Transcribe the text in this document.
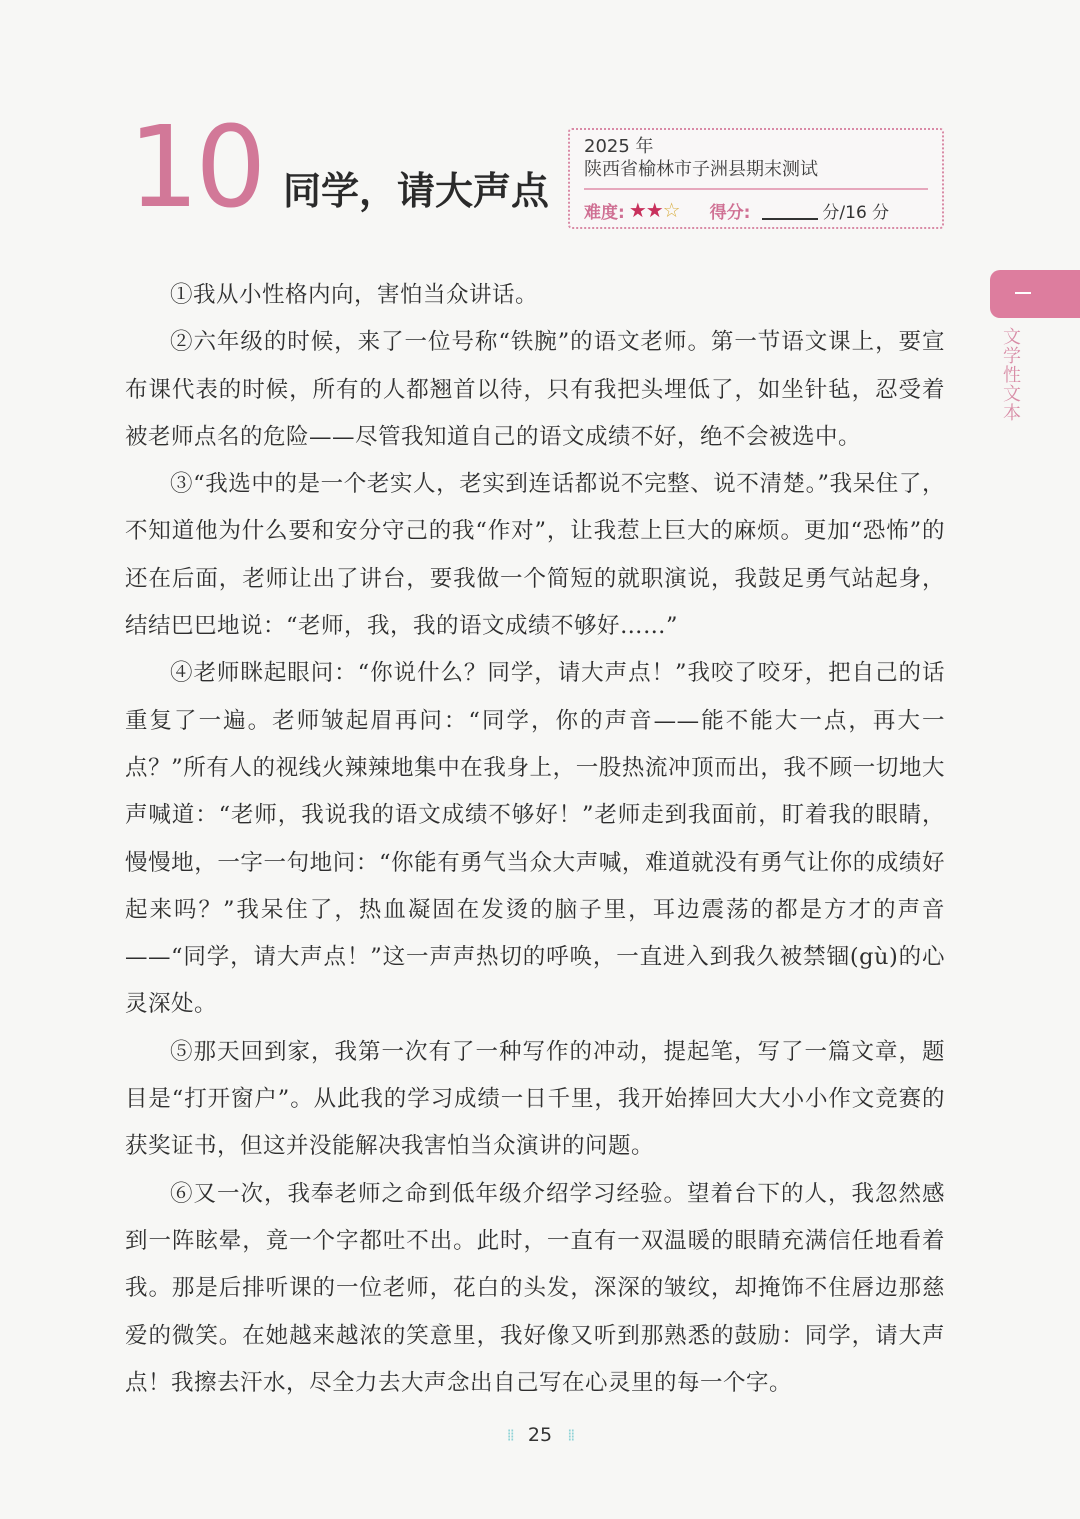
10 同学，请大声点
2025 年
陕西省榆林市子洲县期末测试
难度: ★★☆ 得分:	分/16 分
文学性文本

①我从小性格内向，害怕当众讲话。

②六年级的时候，来了一位号称“铁腕”的语文老师。第一节语文课上，要宣布课代表的时候，所有的人都翘首以待，只有我把头埋低了，如坐针毡，忍受着被老师点名的危险——尽管我知道自己的语文成绩不好，绝不会被选中。

③“我选中的是一个老实人，老实到连话都说不完整、说不清楚。”我呆住了，不知道他为什么要和安分守己的我“作对”，让我惹上巨大的麻烦。更加“恐怖”的还在后面，老师让出了讲台，要我做一个简短的就职演说，我鼓足勇气站起身，结结巴巴地说：“老师，我，我的语文成绩不够好……”

④老师眯起眼问：“你说什么？同学，请大声点！”我咬了咬牙，把自己的话重复了一遍。老师皱起眉再问：“同学，你的声音——能不能大一点，再大一点？”所有人的视线火辣辣地集中在我身上，一股热流冲顶而出，我不顾一切地大声喊道：“老师，我说我的语文成绩不够好！”老师走到我面前，盯着我的眼睛，慢慢地，一字一句地问：“你能有勇气当众大声喊，难道就没有勇气让你的成绩好起来吗？”我呆住了，热血凝固在发烫的脑子里，耳边震荡的都是方才的声音——“同学，请大声点！”这一声声热切的呼唤，一直进入到我久被禁锢(gù)的心灵深处。

⑤那天回到家，我第一次有了一种写作的冲动，提起笔，写了一篇文章，题目是“打开窗户”。从此我的学习成绩一日千里，我开始捧回大大小小作文竞赛的获奖证书，但这并没能解决我害怕当众演讲的问题。

⑥又一次，我奉老师之命到低年级介绍学习经验。望着台下的人，我忽然感到一阵眩晕，竟一个字都吐不出。此时，一直有一双温暖的眼睛充满信任地看着我。那是后排听课的一位老师，花白的头发，深深的皱纹，却掩饰不住唇边那慈爱的微笑。在她越来越浓的笑意里，我好像又听到那熟悉的鼓励：同学，请大声点！我擦去汗水，尽全力去大声念出自己写在心灵里的每一个字。

⁞⁞ 25 ⁞⁞
